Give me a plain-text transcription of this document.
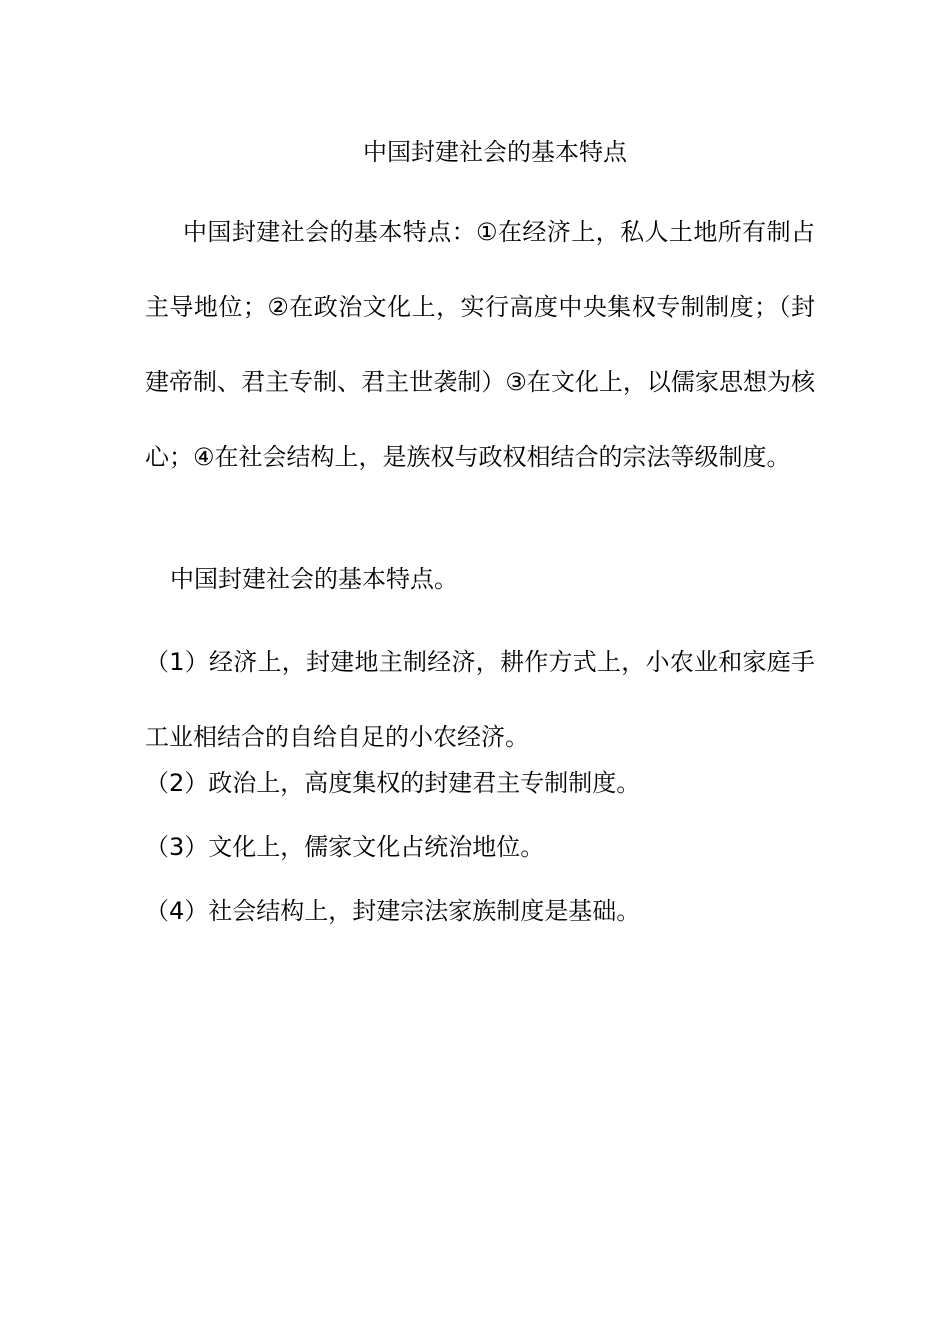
中国封建社会的基本特点

中国封建社会的基本特点：①在经济上，私人土地所有制占主导地位；②在政治文化上，实行高度中央集权专制制度；（封建帝制、君主专制、君主世袭制）③在文化上，以儒家思想为核心；④在社会结构上，是族权与政权相结合的宗法等级制度。

中国封建社会的基本特点。

（1）经济上，封建地主制经济，耕作方式上，小农业和家庭手工业相结合的自给自足的小农经济。

（2）政治上，高度集权的封建君主专制制度。

（3）文化上，儒家文化占统治地位。

（4）社会结构上，封建宗法家族制度是基础。
